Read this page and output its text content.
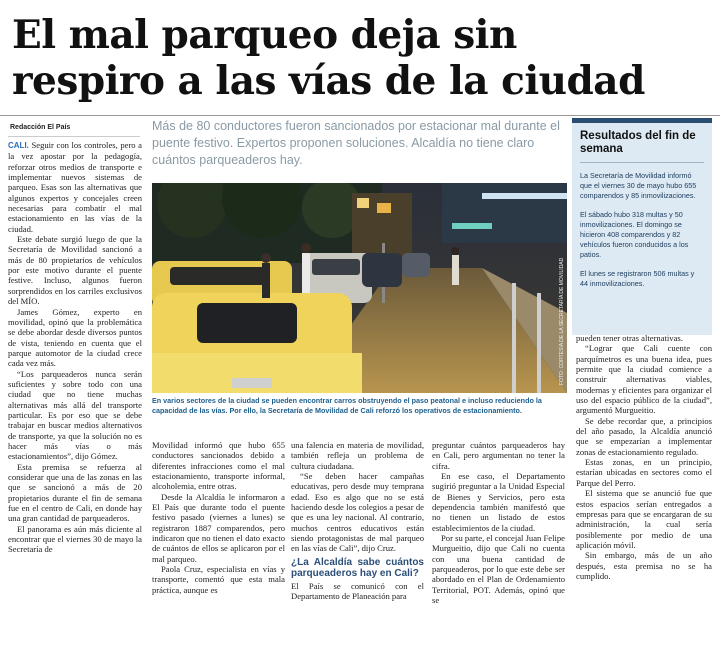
El mal parqueo deja sin
respiro a las vías de la ciudad
Redacción El País	Más de 80 conductores fueron sancionados por estacionar mal durante el puente festivo. Expertos proponen soluciones. Alcaldía no tiene claro cuántos parqueaderos hay.

CALI. Seguir con los controles, pero a la vez apostar por la pedagogía, reforzar otros medios de transporte e implementar nuevos sistemas de parqueo. Esas son las alternativas que algunos expertos y concejales creen necesarias para combatir el mal estacionamiento en las vías de la ciudad.

Este debate surgió luego de que la Secretaría de Movilidad sancionó a más de 80 propietarios de vehículos por este motivo durante el puente festive. Incluso, algunos fueron sorprendidos en los carriles exclusivos del MÍO.

James Gómez, experto en movilidad, opinó que la problemática se debe abordar desde diversos puntos de vista, teniendo en cuenta que el parque automotor de la ciudad crece cada vez más.

“Los parqueaderos nunca serán suficientes y sobre todo con una ciudad que no tiene muchas alternativas más allá del transporte particular. Es por eso que se debe trabajar en buscar medios alternativos de transporte, ya que la solución no es hacer más vías o más estacionamientos”, dijo Gómez.

Esta premisa se refuerza al considerar que una de las zonas en las que se sancionó a más de 20 propietarios durante el fin de semana fue en el centro de Cali, en donde hay una gran cantidad de parqueaderos.

El panorama es aún más diciente al encontrar que el viernes 30 de mayo la Secretaría de

FOTO: CORTESÍA DE LA SECRETARÍA DE MOVILIDAD
En varios sectores de la ciudad se pueden encontrar carros obstruyendo el paso peatonal e incluso reduciendo la capacidad de las vías. Por ello, la Secretaría de Movilidad de Cali reforzó los operativos de estacionamiento.
Resultados del fin de semana

La Secretaría de Movilidad informó que el viernes 30 de mayo hubo 655 comparendos y 85 inmovilizaciones.

El sábado hubo 318 multas y 50 inmovilizaciones. El domingo se hicieron 408 comparendos y 82 vehículos fueron conducidos a los patios.

El lunes se registraron 506 multas y 44 inmovilizaciones.

Movilidad informó que hubo 655 conductores sancionados debido a diferentes infracciones como el mal estacionamiento, transporte informal, alcoholemia, entre otras.

Desde la Alcaldía le informaron a El País que durante todo el puente festivo pasado (viernes a lunes) se registraron 1887 comparendos, pero indicaron que no tienen el dato exacto de cuántos de ellos se aplicaron por el mal parqueo.

Paola Cruz, especialista en vías y transporte, comentó que esta mala práctica, aunque es

una falencia en materia de movilidad, también refleja un problema de cultura ciudadana.

“Se deben hacer campañas educativas, pero desde muy temprana edad. Eso es algo que no se está haciendo desde los colegios a pesar de que es una ley nacional. Al contrario, muchos centros educativos están siendo protagonistas de mal parqueo en las vías de Cali”, dijo Cruz.

¿La Alcaldía sabe cuántos parqueaderos hay en Cali?

El País se comunicó con el Departamento de Planeación para

preguntar cuántos parqueaderos hay en Cali, pero argumentan no tener la cifra.

En ese caso, el Departamento sugirió preguntar a la Unidad Especial de Bienes y Servicios, pero esta dependencia también manifestó que no tienen un listado de estos establecimientos de la ciudad.

Por su parte, el concejal Juan Felipe Murgueitio, dijo que Cali no cuenta con una buena cantidad de parqueaderos, por lo que este debe ser abordado en el Plan de Ordenamiento Territorial, POT. Además, opinó que se

pueden tener otras alternativas.

“Lograr que Cali cuente con parquímetros es una buena idea, pues permite que la ciudad comience a construir alternativas viables, modernas y eficientes para organizar el uso del espacio público de la ciudad”, argumentó Murgueitio.

Se debe recordar que, a principios del año pasado, la Alcaldía anunció que se empezarían a implementar zonas de estacionamiento regulado.

Estas zonas, en un principio, estarían ubicadas en sectores como el Parque del Perro.

El sistema que se anunció fue que estos espacios serían entregados a empresas para que se encargaran de su administración, la cual sería posiblemente por medio de una aplicación móvil.

Sin embargo, más de un año después, esta premisa no se ha cumplido.
